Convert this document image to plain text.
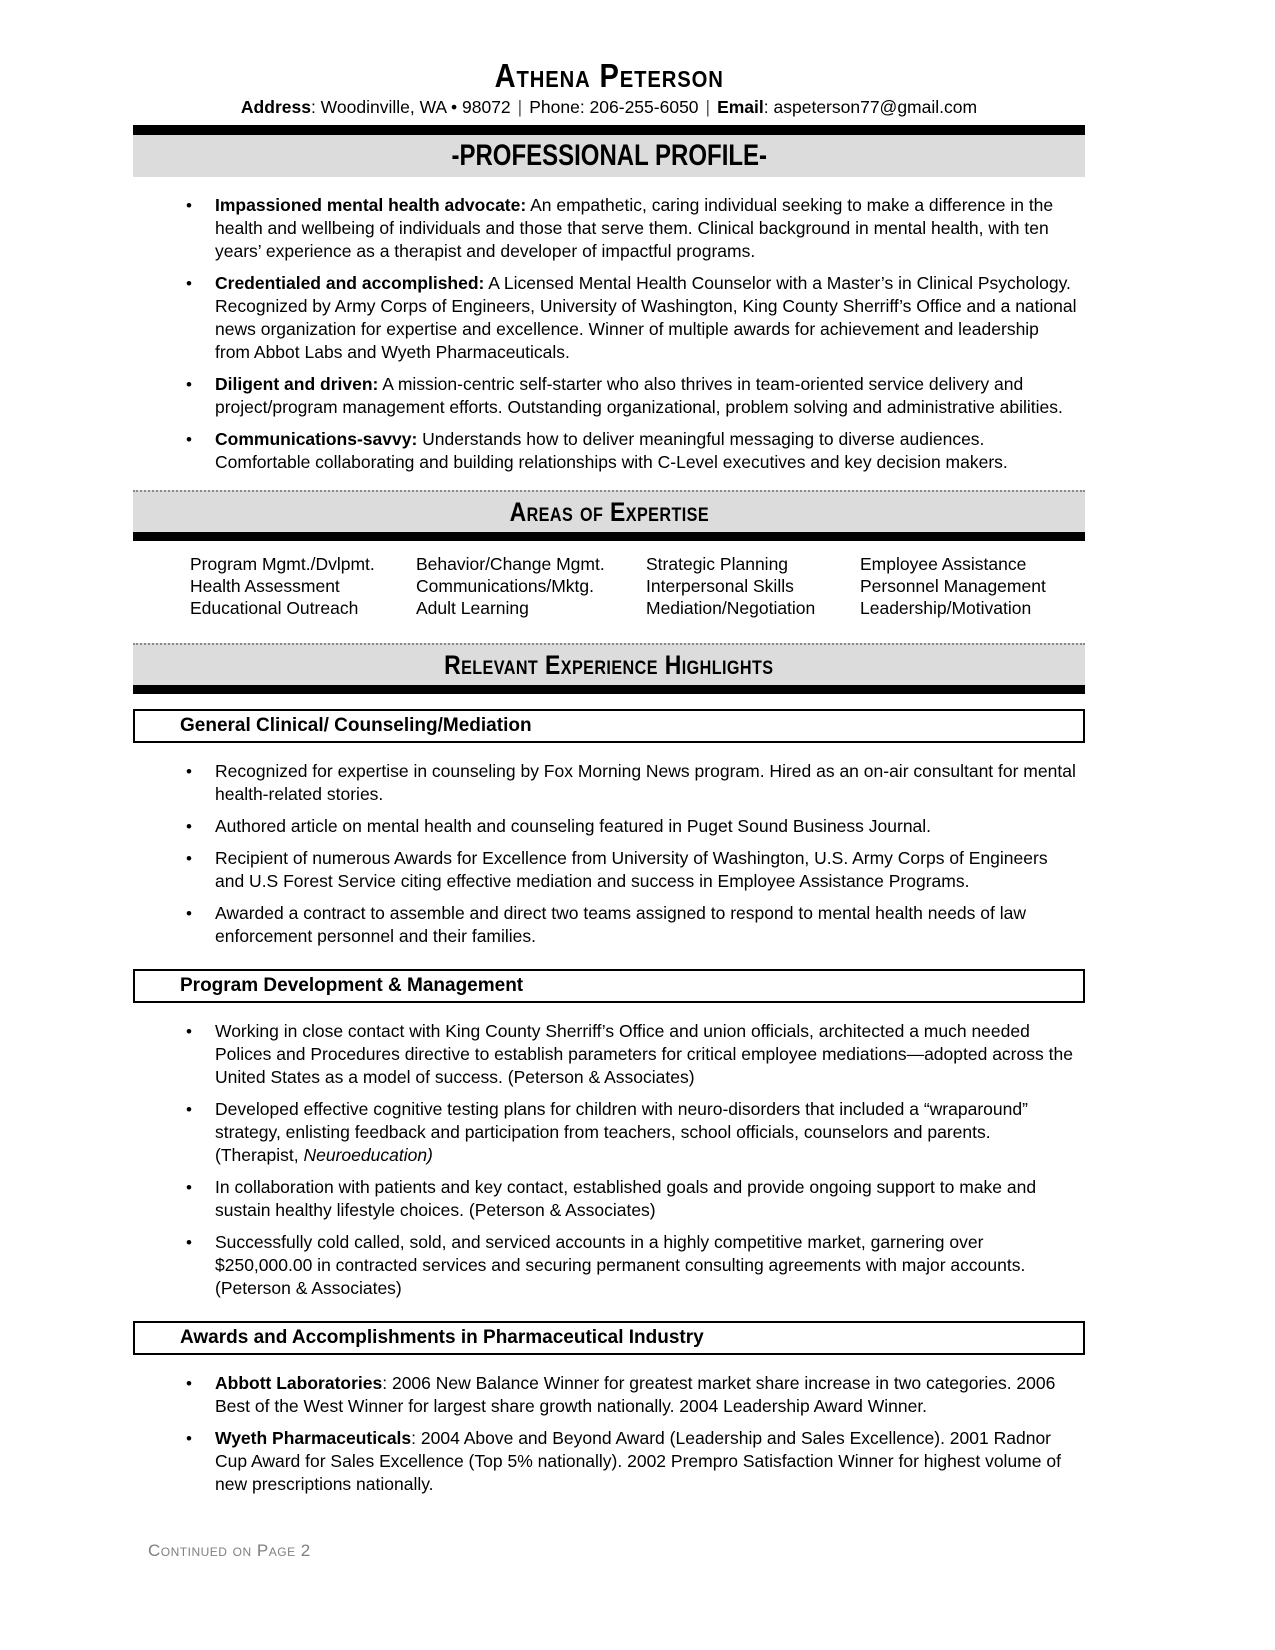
Athena Peterson
Address: Woodinville, WA • 98072 | Phone: 206-255-6050 | Email: aspeterson77@gmail.com
-PROFESSIONAL PROFILE-
• Impassioned mental health advocate: An empathetic, caring individual seeking to make a difference in the health and wellbeing of individuals and those that serve them. Clinical background in mental health, with ten years’ experience as a therapist and developer of impactful programs.
• Credentialed and accomplished: A Licensed Mental Health Counselor with a Master’s in Clinical Psychology. Recognized by Army Corps of Engineers, University of Washington, King County Sherriff’s Office and a national news organization for expertise and excellence. Winner of multiple awards for achievement and leadership from Abbot Labs and Wyeth Pharmaceuticals.
• Diligent and driven: A mission-centric self-starter who also thrives in team-oriented service delivery and project/program management efforts. Outstanding organizational, problem solving and administrative abilities.
• Communications-savvy: Understands how to deliver meaningful messaging to diverse audiences. Comfortable collaborating and building relationships with C-Level executives and key decision makers.
Areas of Expertise
Program Mgmt./Dvlpmt.
Health Assessment
Educational Outreach
Behavior/Change Mgmt.
Communications/Mktg.
Adult Learning
Strategic Planning
Interpersonal Skills
Mediation/Negotiation
Employee Assistance
Personnel Management
Leadership/Motivation
Relevant Experience Highlights
General Clinical/ Counseling/Mediation
• Recognized for expertise in counseling by Fox Morning News program. Hired as an on-air consultant for mental health-related stories.
• Authored article on mental health and counseling featured in Puget Sound Business Journal.
• Recipient of numerous Awards for Excellence from University of Washington, U.S. Army Corps of Engineers and U.S Forest Service citing effective mediation and success in Employee Assistance Programs.
• Awarded a contract to assemble and direct two teams assigned to respond to mental health needs of law enforcement personnel and their families.
Program Development & Management
• Working in close contact with King County Sherriff’s Office and union officials, architected a much needed Polices and Procedures directive to establish parameters for critical employee mediations—adopted across the United States as a model of success. (Peterson & Associates)
• Developed effective cognitive testing plans for children with neuro-disorders that included a “wraparound” strategy, enlisting feedback and participation from teachers, school officials, counselors and parents. (Therapist, Neuroeducation)
• In collaboration with patients and key contact, established goals and provide ongoing support to make and sustain healthy lifestyle choices. (Peterson & Associates)
• Successfully cold called, sold, and serviced accounts in a highly competitive market, garnering over $250,000.00 in contracted services and securing permanent consulting agreements with major accounts. (Peterson & Associates)
Awards and Accomplishments in Pharmaceutical Industry
• Abbott Laboratories: 2006 New Balance Winner for greatest market share increase in two categories. 2006 Best of the West Winner for largest share growth nationally. 2004 Leadership Award Winner.
• Wyeth Pharmaceuticals: 2004 Above and Beyond Award (Leadership and Sales Excellence). 2001 Radnor Cup Award for Sales Excellence (Top 5% nationally). 2002 Prempro Satisfaction Winner for highest volume of new prescriptions nationally.
Continued on Page 2
